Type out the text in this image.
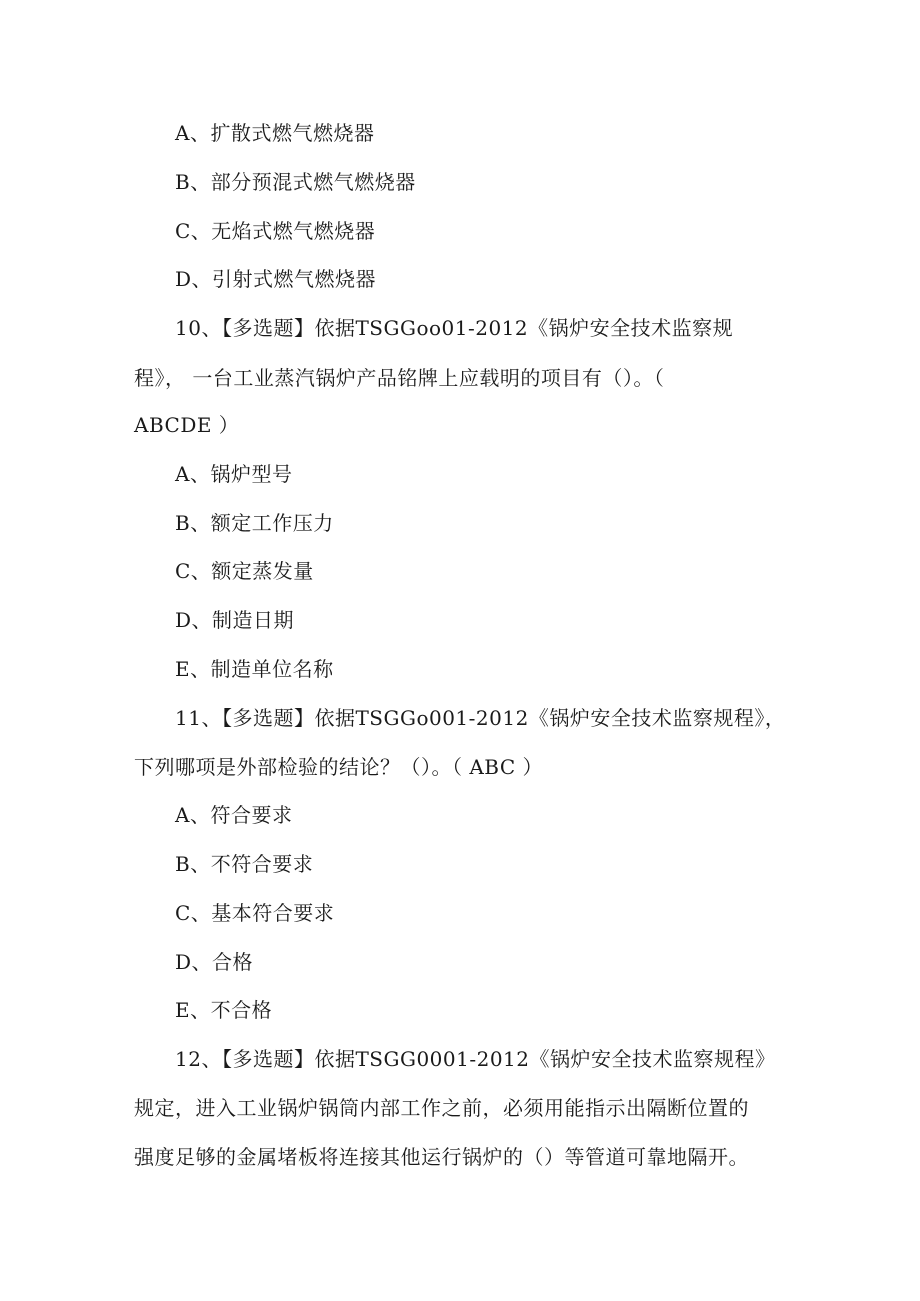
A、扩散式燃气燃烧器
B、部分预混式燃气燃烧器
C、无焰式燃气燃烧器
D、引射式燃气燃烧器
10、【多选题】依据TSGGoo01-2012《锅炉安全技术监察规
程》， 一台工业蒸汽锅炉产品铭牌上应载明的项目有（）。（
ABCDE ）
A、锅炉型号
B、额定工作压力
C、额定蒸发量
D、制造日期
E、制造单位名称
11、【多选题】依据TSGGo001-2012《锅炉安全技术监察规程》，
下列哪项是外部检验的结论？（）。（ ABC ）
A、符合要求
B、不符合要求
C、基本符合要求
D、合格
E、不合格
12、【多选题】依据TSGG0001-2012《锅炉安全技术监察规程》
规定，进入工业锅炉锅筒内部工作之前，必须用能指示出隔断位置的
强度足够的金属堵板将连接其他运行锅炉的（）等管道可靠地隔开。
